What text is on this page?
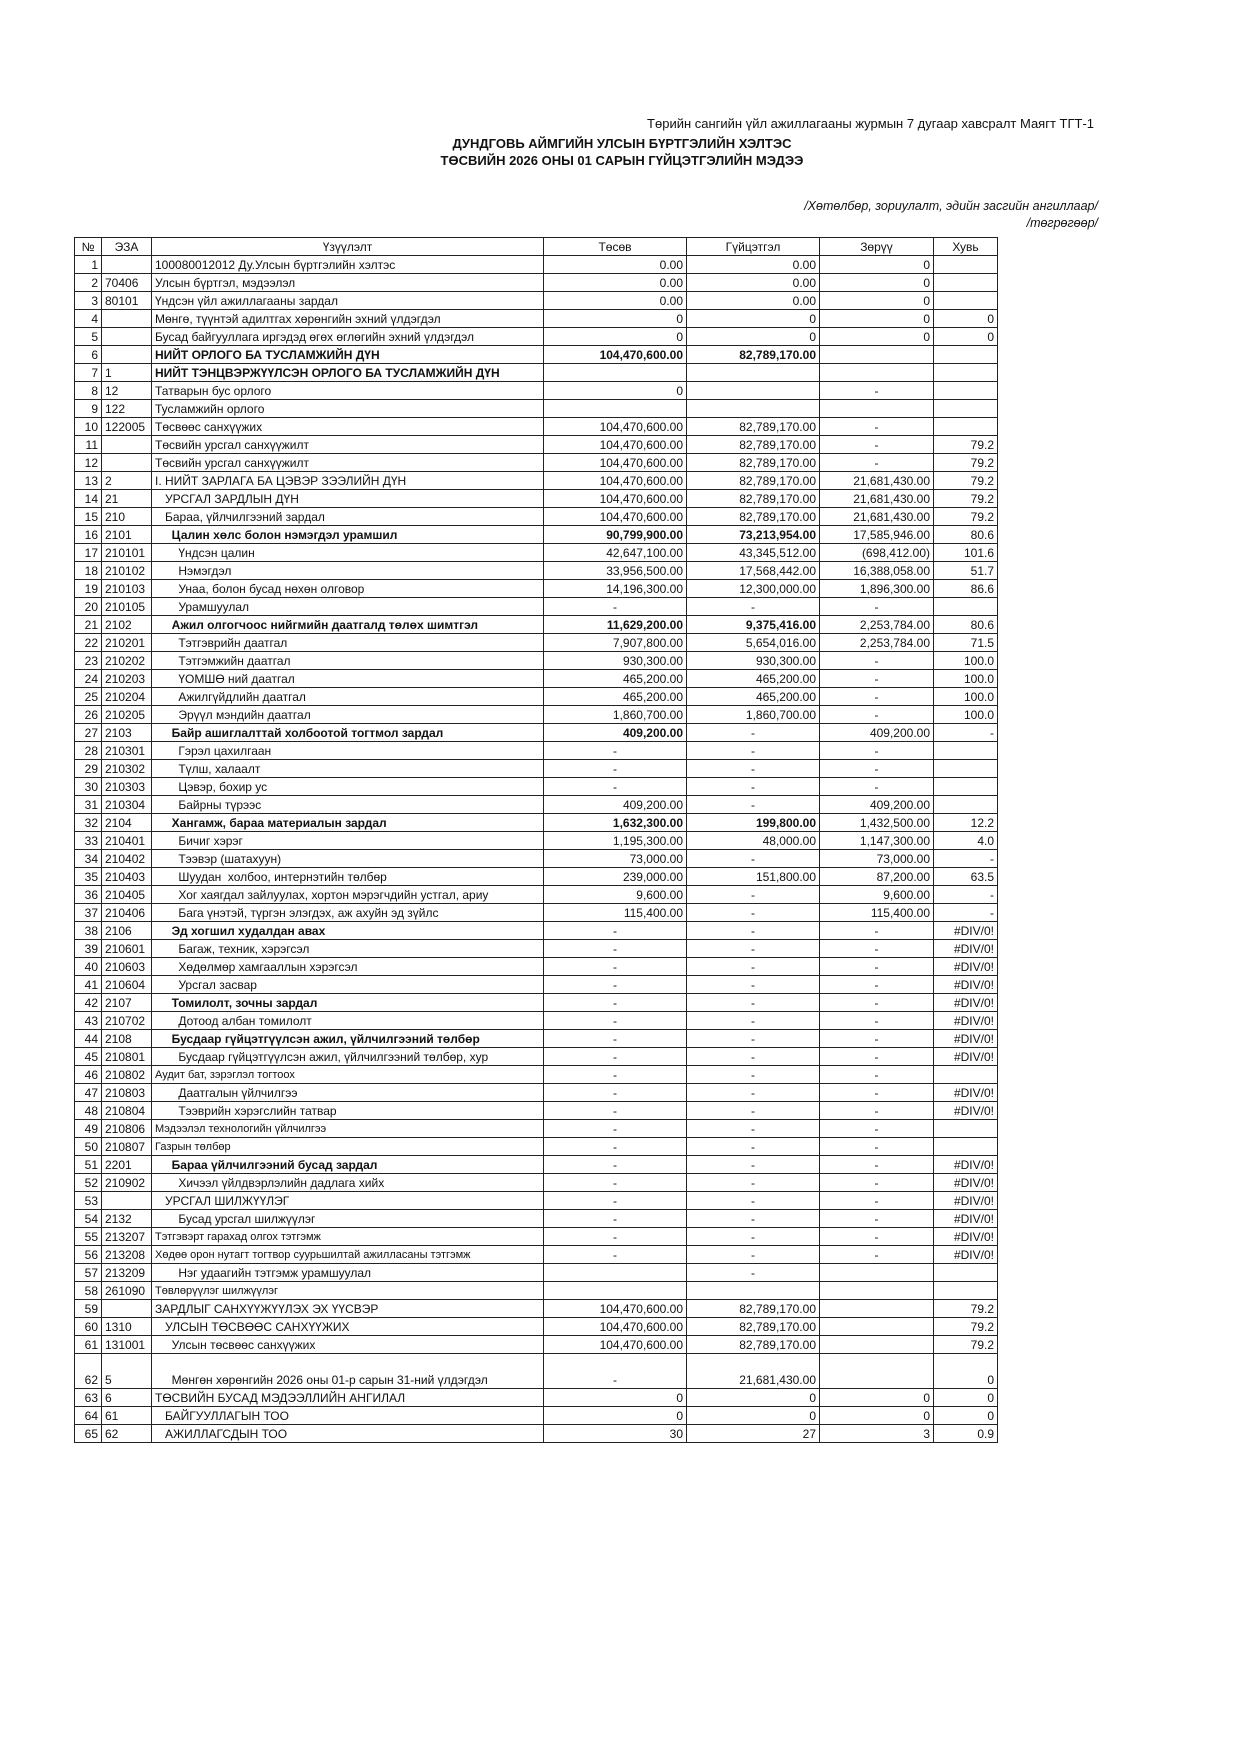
Төрийн сангийн үйл ажиллагааны журмын 7 дугаар хавсралт Маягт ТГТ-1
ДУНДГОВЬ АЙМГИЙН УЛСЫН БҮРТГЭЛИЙН ХЭЛТЭС
ТӨСВИЙН 2026 ОНЫ 01 САРЫН ГҮЙЦЭТГЭЛИЙН МЭДЭЭ
/Хөтөлбөр, зориулалт, эдийн засгийн ангиллаар/
/төгрөгөөр/
№	ЭЗА	Үзүүлэлт	Төсөв	Гүйцэтгэл	Зөрүү	Хувь
1		100080012012 Ду.Улсын бүртгэлийн хэлтэс	0.00	0.00	0	
2	70406	Улсын бүртгэл, мэдээлэл	0.00	0.00	0	
3	80101	Үндсэн үйл ажиллагааны зардал	0.00	0.00	0	
4		Мөнгө, түүнтэй адилтгах хөрөнгийн эхний үлдэгдэл	0	0	0	0
5		Бусад байгууллага иргэдэд өгөх өглөгийн эхний үлдэгдэл	0	0	0	0
6		НИЙТ ОРЛОГО БА ТУСЛАМЖИЙН ДҮН	104,470,600.00	82,789,170.00		
7	1	НИЙТ ТЭНЦВЭРЖҮҮЛСЭН ОРЛОГО БА ТУСЛАМЖИЙН ДҮН				
8	12	Татварын бус орлого	0		-	
9	122	Тусламжийн орлого				
10	122005	Төсвөөс санхүүжих	104,470,600.00	82,789,170.00	-	
11		Төсвийн урсгал санхүүжилт	104,470,600.00	82,789,170.00	-	79.2
12		Төсвийн урсгал санхүүжилт	104,470,600.00	82,789,170.00	-	79.2
13	2	I. НИЙТ ЗАРЛАГА БА ЦЭВЭР ЗЭЭЛИЙН ДҮН	104,470,600.00	82,789,170.00	21,681,430.00	79.2
14	21	УРСГАЛ ЗАРДЛЫН ДҮН	104,470,600.00	82,789,170.00	21,681,430.00	79.2
15	210	Бараа, үйлчилгээний зардал	104,470,600.00	82,789,170.00	21,681,430.00	79.2
16	2101	Цалин хөлс болон нэмэгдэл урамшил	90,799,900.00	73,213,954.00	17,585,946.00	80.6
17	210101	Үндсэн цалин	42,647,100.00	43,345,512.00	(698,412.00)	101.6
18	210102	Нэмэгдэл	33,956,500.00	17,568,442.00	16,388,058.00	51.7
19	210103	Унаа, болон бусад нөхөн олговор	14,196,300.00	12,300,000.00	1,896,300.00	86.6
20	210105	Урамшуулал	-	-	-	
21	2102	Ажил олгогчоос нийгмийн даатгалд төлөх шимтгэл	11,629,200.00	9,375,416.00	2,253,784.00	80.6
22	210201	Тэтгэврийн даатгал	7,907,800.00	5,654,016.00	2,253,784.00	71.5
23	210202	Тэтгэмжийн даатгал	930,300.00	930,300.00	-	100.0
24	210203	ҮОМШӨ ний даатгал	465,200.00	465,200.00	-	100.0
25	210204	Ажилгүйдлийн даатгал	465,200.00	465,200.00	-	100.0
26	210205	Эрүүл мэндийн даатгал	1,860,700.00	1,860,700.00	-	100.0
27	2103	Байр ашиглалттай холбоотой тогтмол зардал	409,200.00	-	409,200.00	-
28	210301	Гэрэл цахилгаан	-	-	-	
29	210302	Түлш, халаалт	-	-	-	
30	210303	Цэвэр, бохир ус	-	-	-	
31	210304	Байрны түрээс	409,200.00	-	409,200.00	
32	2104	Хангамж, бараа материалын зардал	1,632,300.00	199,800.00	1,432,500.00	12.2
33	210401	Бичиг хэрэг	1,195,300.00	48,000.00	1,147,300.00	4.0
34	210402	Тээвэр (шатахуун)	73,000.00	-	73,000.00	-
35	210403	Шуудан  холбоо, интернэтийн төлбөр	239,000.00	151,800.00	87,200.00	63.5
36	210405	Хог хаягдал зайлуулах, хортон мэрэгчдийн устгал, ариу	9,600.00	-	9,600.00	-
37	210406	Бага үнэтэй, түргэн элэгдэх, аж ахуйн эд зүйлс	115,400.00	-	115,400.00	-
38	2106	Эд хогшил худалдан авах	-	-	-	#DIV/0!
39	210601	Багаж, техник, хэрэгсэл	-	-	-	#DIV/0!
40	210603	Хөдөлмөр хамгааллын хэрэгсэл	-	-	-	#DIV/0!
41	210604	Урсгал засвар	-	-	-	#DIV/0!
42	2107	Томилолт, зочны зардал	-	-	-	#DIV/0!
43	210702	Дотоод албан томилолт	-	-	-	#DIV/0!
44	2108	Бусдаар гүйцэтгүүлсэн ажил, үйлчилгээний төлбөр	-	-	-	#DIV/0!
45	210801	Бусдаар гүйцэтгүүлсэн ажил, үйлчилгээний төлбөр, хур	-	-	-	#DIV/0!
46	210802	Аудит бат, зэрэглэл тогтоох	-	-	-	
47	210803	Даатгалын үйлчилгээ	-	-	-	#DIV/0!
48	210804	Тээврийн хэрэгслийн татвар	-	-	-	#DIV/0!
49	210806	Мэдээлэл технологийн үйлчилгээ	-	-	-	
50	210807	Газрын төлбөр	-	-	-	
51	2201	Бараа үйлчилгээний бусад зардал	-	-	-	#DIV/0!
52	210902	Хичээл үйлдвэрлэлийн дадлага хийх	-	-	-	#DIV/0!
53		УРСГАЛ ШИЛЖҮҮЛЭГ	-	-	-	#DIV/0!
54	2132	Бусад урсгал шилжүүлэг	-	-	-	#DIV/0!
55	213207	Тэтгэвэрт гарахад олгох тэтгэмж	-	-	-	#DIV/0!
56	213208	Хөдөө орон нутагт тогтвор суурьшилтай ажилласаны тэтгэмж	-	-	-	#DIV/0!
57	213209	Нэг удаагийн тэтгэмж урамшуулал		-		
58	261090	Төвлөрүүлэг шилжүүлэг				
59		ЗАРДЛЫГ САНХҮҮЖҮҮЛЭХ ЭХ ҮҮСВЭР	104,470,600.00	82,789,170.00		79.2
60	1310	УЛСЫН ТӨСВӨӨС САНХҮҮЖИХ	104,470,600.00	82,789,170.00		79.2
61	131001	Улсын төсвөөс санхүүжих	104,470,600.00	82,789,170.00		79.2
62	5	Мөнгөн хөрөнгийн 2026 оны 01-р сарын 31-ний үлдэгдэл	-	21,681,430.00		0
63	6	ТӨСВИЙН БУСАД МЭДЭЭЛЛИЙН АНГИЛАЛ	0	0	0	0
64	61	БАЙГУУЛЛАГЫН ТОО	0	0	0	0
65	62	АЖИЛЛАГСДЫН ТОО	30	27	3	0.9
